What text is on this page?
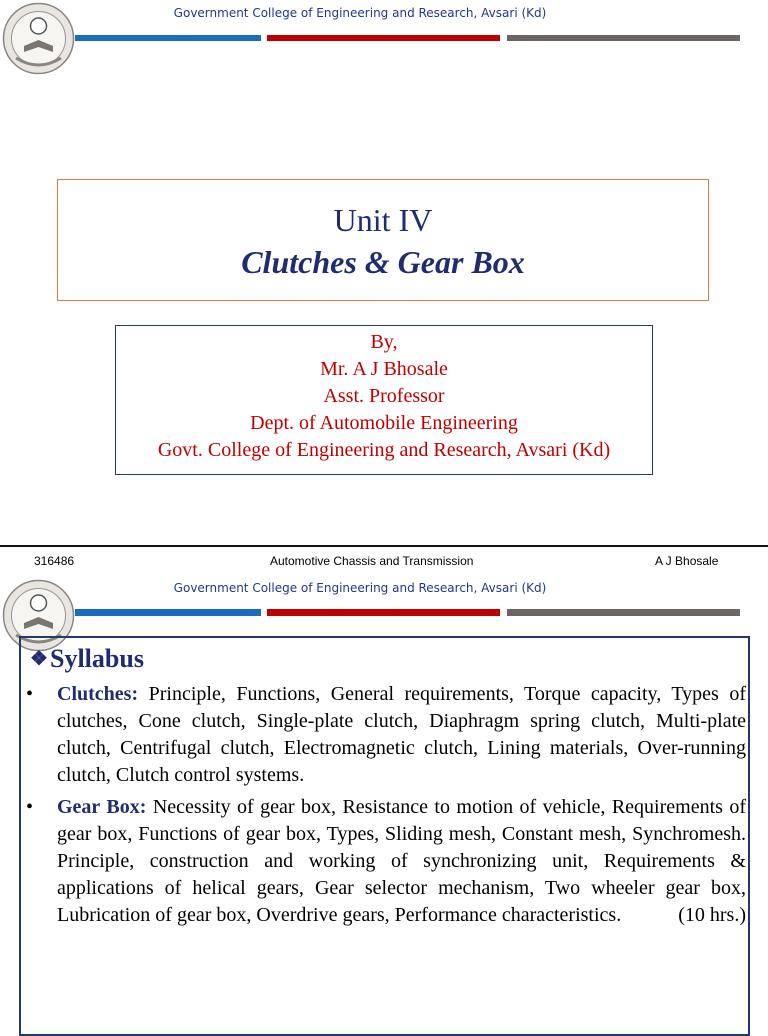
Government College of Engineering and Research, Avsari (Kd)
Unit IV
Clutches & Gear Box
By,
Mr. A J Bhosale
Asst. Professor
Dept. of Automobile Engineering
Govt. College of Engineering and Research, Avsari (Kd)
316486	Automotive Chassis and Transmission	A J Bhosale
Government College of Engineering and Research, Avsari (Kd)
❖Syllabus
• Clutches: Principle, Functions, General requirements, Torque capacity, Types of clutches, Cone clutch, Single-plate clutch, Diaphragm spring clutch, Multi-plate clutch, Centrifugal clutch, Electromagnetic clutch, Lining materials, Over-running clutch, Clutch control systems.
• Gear Box: Necessity of gear box, Resistance to motion of vehicle, Requirements of gear box, Functions of gear box, Types, Sliding mesh, Constant mesh, Synchromesh. Principle, construction and working of synchronizing unit, Requirements & applications of helical gears, Gear selector mechanism, Two wheeler gear box, Lubrication of gear box, Overdrive gears, Performance characteristics.	(10 hrs.)
